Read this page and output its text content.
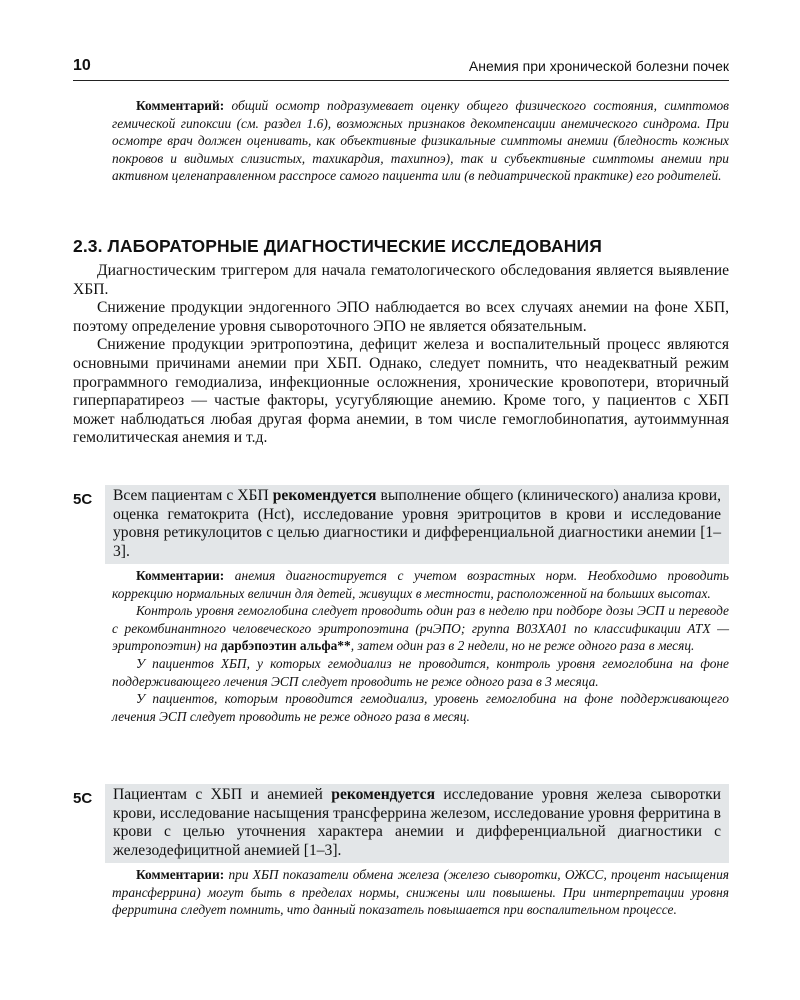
10	Анемия при хронической болезни почек

Комментарий: общий осмотр подразумевает оценку общего физического состояния, симптомов гемической гипоксии (см. раздел 1.6), возможных признаков декомпенсации анемического синдрома. При осмотре врач должен оценивать, как объективные физикальные симптомы анемии (бледность кожных покровов и видимых слизистых, тахикардия, тахипноэ), так и субъективные симптомы анемии при активном целенаправленном расспросе самого пациента или (в педиатрической практике) его родителей.

2.3. ЛАБОРАТОРНЫЕ ДИАГНОСТИЧЕСКИЕ ИССЛЕДОВАНИЯ

Диагностическим триггером для начала гематологического обследования является выявление ХБП.

Снижение продукции эндогенного ЭПО наблюдается во всех случаях анемии на фоне ХБП, поэтому определение уровня сывороточного ЭПО не является обязательным.

Снижение продукции эритропоэтина, дефицит железа и воспалительный процесс являются основными причинами анемии при ХБП. Однако, следует помнить, что неадекватный режим программного гемодиализа, инфекционные осложнения, хронические кровопотери, вторичный гиперпаратиреоз — частые факторы, усугубляющие анемию. Кроме того, у пациентов с ХБП может наблюдаться любая другая форма анемии, в том числе гемоглобинопатия, аутоиммунная гемолитическая анемия и т.д.

5С	Всем пациентам с ХБП рекомендуется выполнение общего (клинического) анализа крови, оценка гематокрита (Hct), исследование уровня эритроцитов в крови и исследование уровня ретикулоцитов с целью диагностики и дифференциальной диагностики анемии [1–3].

Комментарии: анемия диагностируется с учетом возрастных норм. Необходимо проводить коррекцию нормальных величин для детей, живущих в местности, расположенной на больших высотах.

Контроль уровня гемоглобина следует проводить один раз в неделю при подборе дозы ЭСП и переводе с рекомбинантного человеческого эритропоэтина (рчЭПО; группа B03XA01 по классификации АТХ — эритропоэтин) на дарбэпоэтин альфа**, затем один раз в 2 недели, но не реже одного раза в месяц.

У пациентов ХБП, у которых гемодиализ не проводится, контроль уровня гемоглобина на фоне поддерживающего лечения ЭСП следует проводить не реже одного раза в 3 месяца.

У пациентов, которым проводится гемодиализ, уровень гемоглобина на фоне поддерживающего лечения ЭСП следует проводить не реже одного раза в месяц.

5С	Пациентам с ХБП и анемией рекомендуется исследование уровня железа сыворотки крови, исследование насыщения трансферрина железом, исследование уровня ферритина в крови с целью уточнения характера анемии и дифференциальной диагностики с железодефицитной анемией [1–3].

Комментарии: при ХБП показатели обмена железа (железо сыворотки, ОЖСС, процент насыщения трансферрина) могут быть в пределах нормы, снижены или повышены. При интерпретации уровня ферритина следует помнить, что данный показатель повышается при воспалительном процессе.
